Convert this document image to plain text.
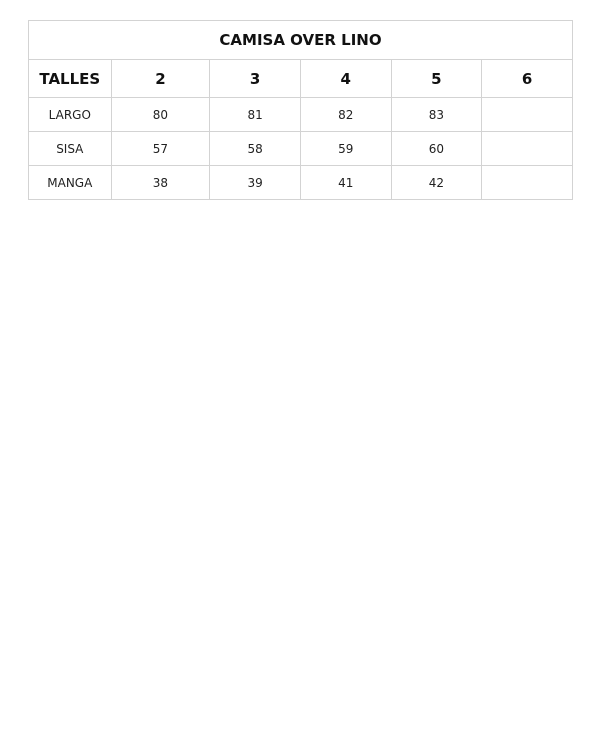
CAMISA OVER LINO					
TALLES	2	3	4	5	6
LARGO	80	81	82	83	
SISA	57	58	59	60	
MANGA	38	39	41	42	
